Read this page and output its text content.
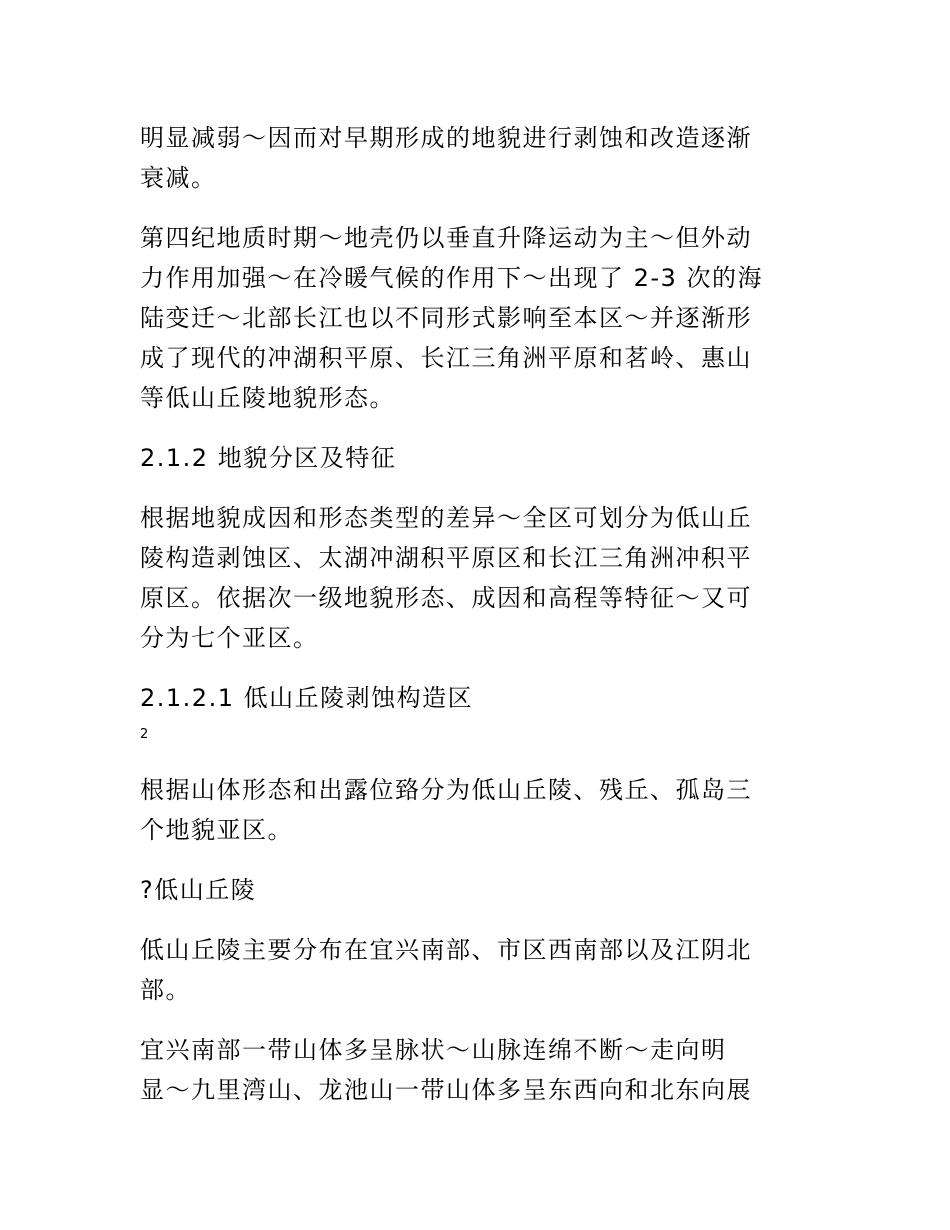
明显减弱～因而对早期形成的地貌进行剥蚀和改造逐渐
衰减。

第四纪地质时期～地壳仍以垂直升降运动为主～但外动
力作用加强～在冷暖气候的作用下～出现了 2-3 次的海
陆变迁～北部长江也以不同形式影响至本区～并逐渐形
成了现代的冲湖积平原、长江三角洲平原和茗岭、惠山
等低山丘陵地貌形态。

2.1.2 地貌分区及特征

根据地貌成因和形态类型的差异～全区可划分为低山丘
陵构造剥蚀区、太湖冲湖积平原区和长江三角洲冲积平
原区。依据次一级地貌形态、成因和高程等特征～又可
分为七个亚区。

2.1.2.1 低山丘陵剥蚀构造区

2

根据山体形态和出露位臵分为低山丘陵、残丘、孤岛三
个地貌亚区。

?低山丘陵

低山丘陵主要分布在宜兴南部、市区西南部以及江阴北
部。

宜兴南部一带山体多呈脉状～山脉连绵不断～走向明
显～九里湾山、龙池山一带山体多呈东西向和北东向展
